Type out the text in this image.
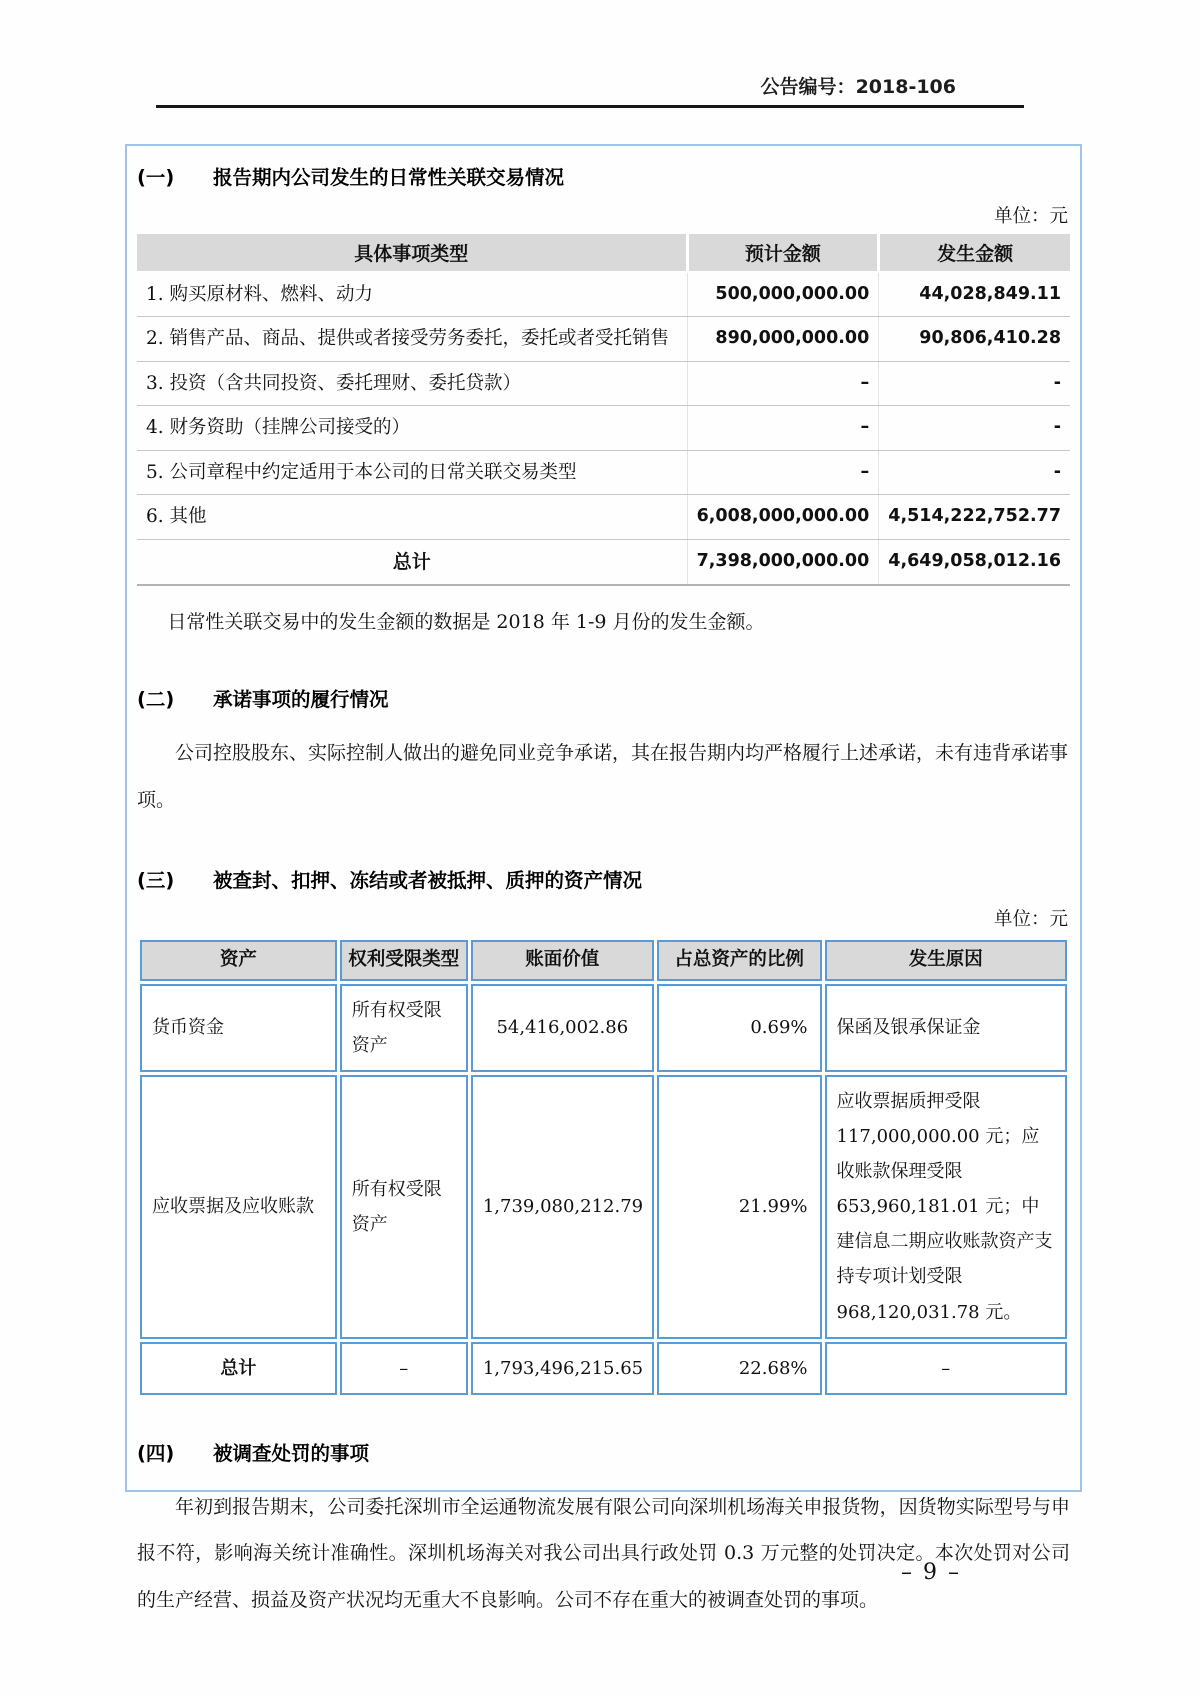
公告编号：2018-106
(一)	报告期内公司发生的日常性关联交易情况
单位：元
具体事项类型	预计金额	发生金额
1. 购买原材料、燃料、动力	500,000,000.00	44,028,849.11
2. 销售产品、商品、提供或者接受劳务委托，委托或者受托销售	890,000,000.00	90,806,410.28
3. 投资（含共同投资、委托理财、委托贷款）	–	-
4. 财务资助（挂牌公司接受的）	–	-
5. 公司章程中约定适用于本公司的日常关联交易类型	–	-
6. 其他	6,008,000,000.00	4,514,222,752.77
总计	7,398,000,000.00	4,649,058,012.16

日常性关联交易中的发生金额的数据是 2018 年 1-9 月份的发生金额。

(二)	承诺事项的履行情况

公司控股股东、实际控制人做出的避免同业竞争承诺，其在报告期内均严格履行上述承诺，未有违背承诺事项。

(三)	被查封、扣押、冻结或者被抵押、质押的资产情况
单位：元
资产	权利受限类型	账面价值	占总资产的比例	发生原因
货币资金	所有权受限资产	54,416,002.86	0.69%	保函及银承保证金
应收票据及应收账款	所有权受限资产	1,739,080,212.79	21.99%	应收票据质押受限 117,000,000.00 元；应收账款保理受限 653,960,181.01 元；中建信息二期应收账款资产支持专项计划受限 968,120,031.78 元。
总计	–	1,793,496,215.65	22.68%	–
(四)	被调查处罚的事项

年初到报告期末，公司委托深圳市全运通物流发展有限公司向深圳机场海关申报货物，因货物实际型号与申报不符，影响海关统计准确性。深圳机场海关对我公司出具行政处罚 0.3 万元整的处罚决定。本次处罚对公司的生产经营、损益及资产状况均无重大不良影响。公司不存在重大的被调查处罚的事项。

– 9 –
